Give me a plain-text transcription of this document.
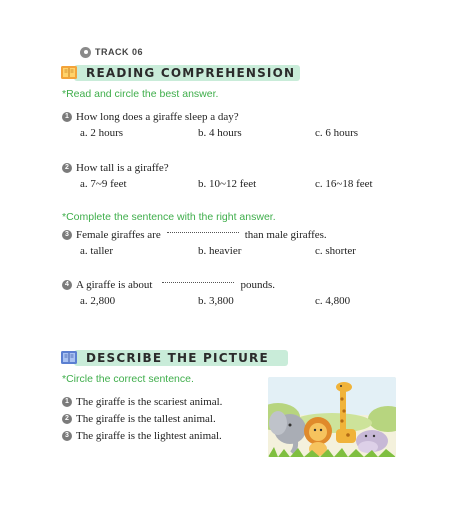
TRACK 06
READING COMPREHENSION
*Read and circle the best answer.
1 How long does a giraffe sleep a day?
a. 2 hours	b. 4 hours	c. 6 hours
2 How tall is a giraffe?
a. 7~9 feet	b. 10~12 feet	c. 16~18 feet
*Complete the sentence with the right answer.
3 Female giraffes are	than male giraffes.
a. taller	b. heavier	c. shorter
4 A giraffe is about	pounds.
a. 2,800	b. 3,800	c. 4,800
DESCRIBE THE PICTURE
*Circle the correct sentence.
1 The giraffe is the scariest animal.
2 The giraffe is the tallest animal.
3 The giraffe is the lightest animal.
